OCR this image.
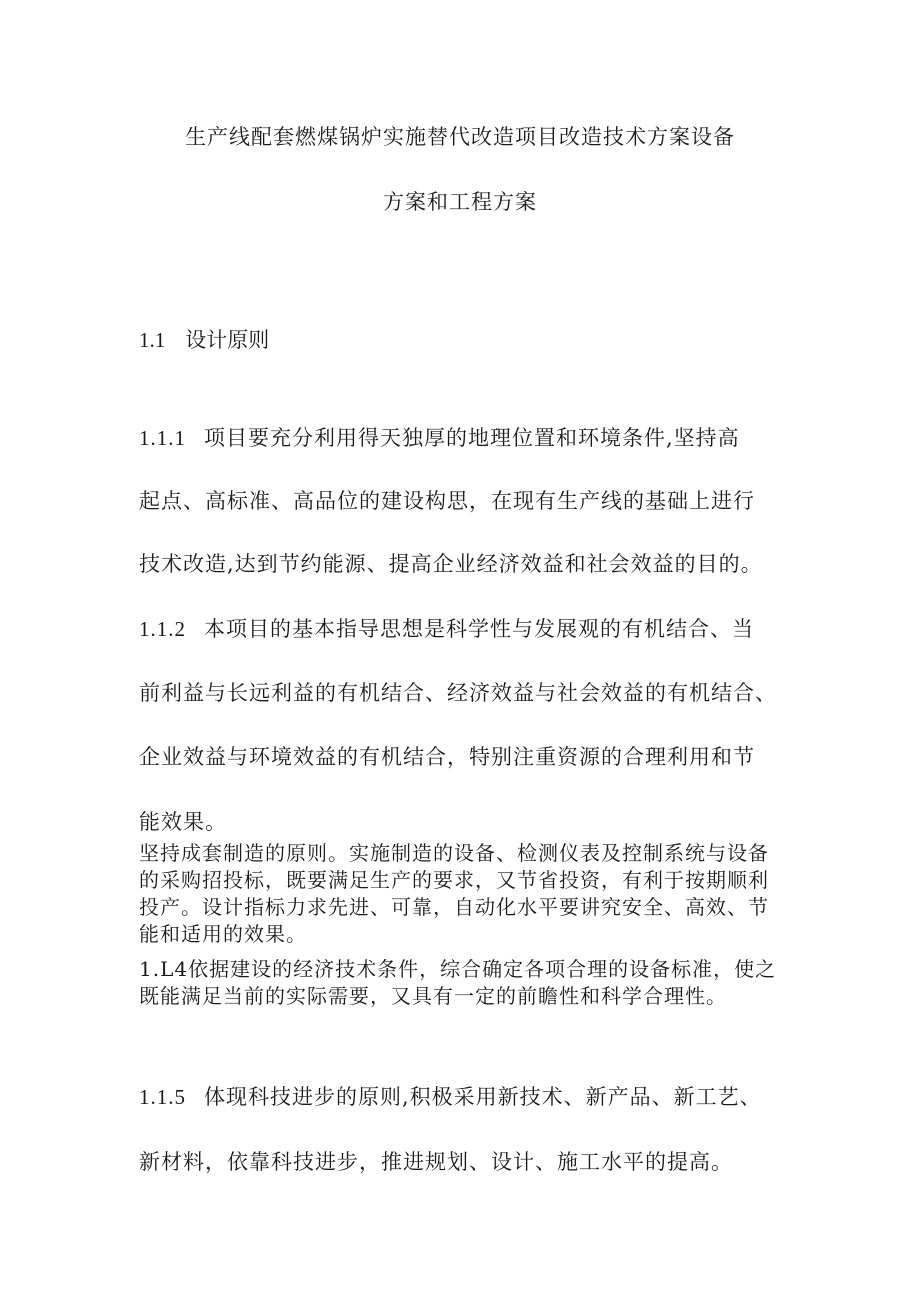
生产线配套燃煤锅炉实施替代改造项目改造技术方案设备
方案和工程方案
1.1 设计原则
1.1.1 项目要充分利用得天独厚的地理位置和环境条件,坚持高
起点、高标准、高品位的建设构思，在现有生产线的基础上进行
技术改造,达到节约能源、提高企业经济效益和社会效益的目的。
1.1.2 本项目的基本指导思想是科学性与发展观的有机结合、当
前利益与长远利益的有机结合、经济效益与社会效益的有机结合、
企业效益与环境效益的有机结合，特别注重资源的合理利用和节
能效果。
坚持成套制造的原则。实施制造的设备、检测仪表及控制系统与设备的采购招投标，既要满足生产的要求，又节省投资，有利于按期顺利投产。设计指标力求先进、可靠，自动化水平要讲究安全、高效、节能和适用的效果。
1.L4依据建设的经济技术条件，综合确定各项合理的设备标准，使之既能满足当前的实际需要，又具有一定的前瞻性和科学合理性。
1.1.5 体现科技进步的原则,积极采用新技术、新产品、新工艺、
新材料，依靠科技进步，推进规划、设计、施工水平的提高。
